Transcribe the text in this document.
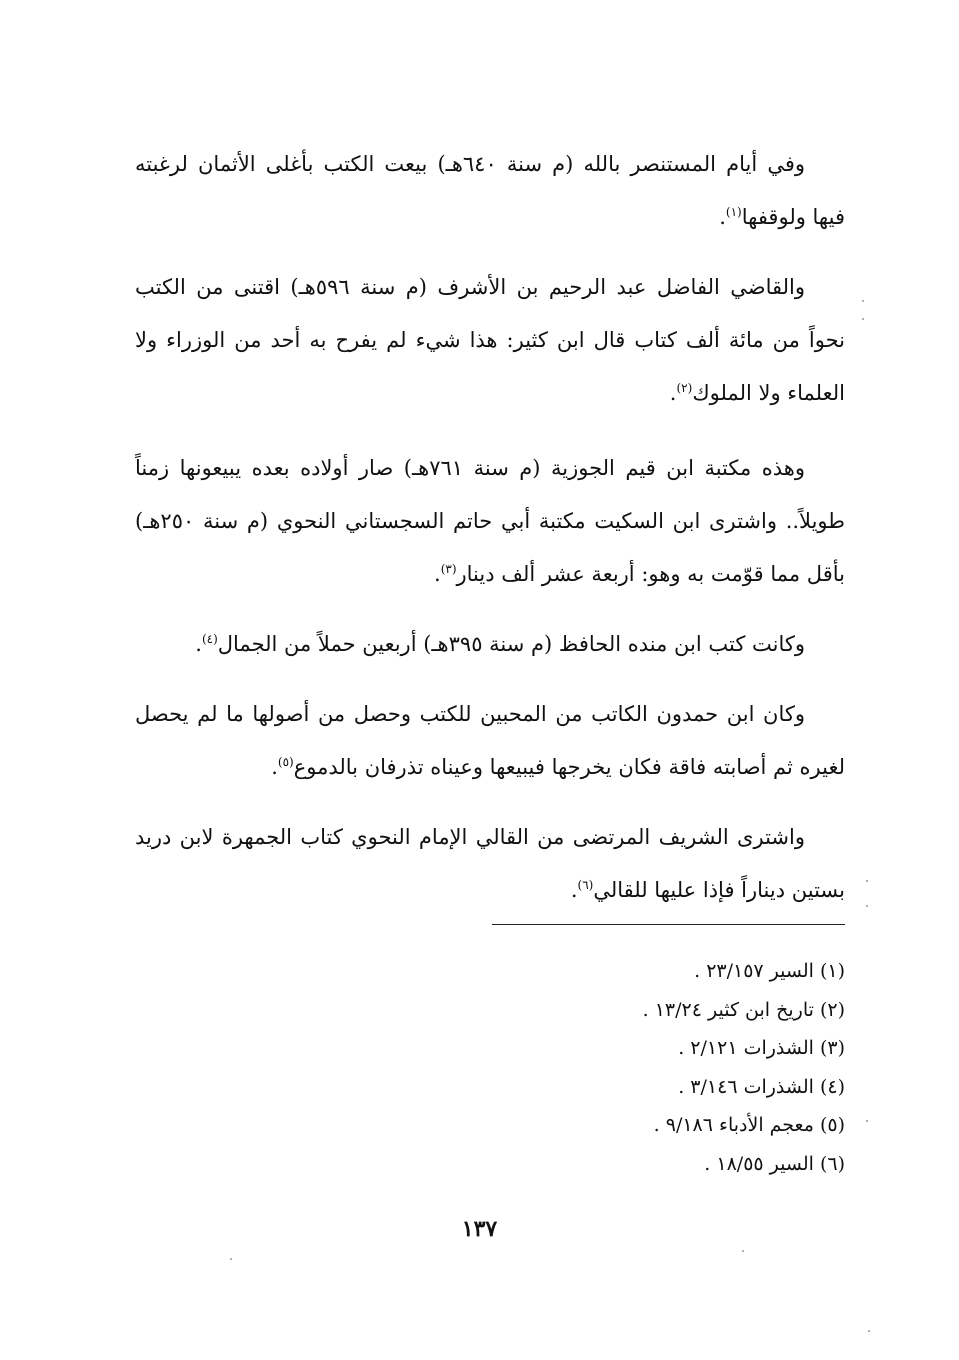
وفي أيام المستنصر بالله (م سنة ٦٤٠هـ) بيعت الكتب بأغلى الأثمان لرغبته فيها ولوقفها$^{(١)}$.

والقاضي الفاضل عبد الرحيم بن الأشرف (م سنة ٥٩٦هـ) اقتنى من الكتب نحواً من مائة ألف كتاب قال ابن كثير: هذا شيء لم يفرح به أحد من الوزراء ولا العلماء ولا الملوك$^{(٢)}$.

وهذه مكتبة ابن قيم الجوزية (م سنة ٧٦١هـ) صار أولاده بعده يبيعونها زمناً طويلاً.. واشترى ابن السكيت مكتبة أبي حاتم السجستاني النحوي (م سنة ٢٥٠هـ) بأقل مما قوّمت به وهو: أربعة عشر ألف دينار$^{(٣)}$.

وكانت كتب ابن منده الحافظ (م سنة ٣٩٥هـ) أربعين حملاً من الجمال$^{(٤)}$.

وكان ابن حمدون الكاتب من المحبين للكتب وحصل من أصولها ما لم يحصل لغيره ثم أصابته فاقة فكان يخرجها فيبيعها وعيناه تذرفان بالدموع$^{(٥)}$.

واشترى الشريف المرتضى من القالي الإمام النحوي كتاب الجمهرة لابن دريد بستين ديناراً فإذا عليها للقالي$^{(٦)}$.

(١) السير ٢٣/١٥٧ .
(٢) تاريخ ابن كثير ١٣/٢٤ .
(٣) الشذرات ٢/١٢١ .
(٤) الشذرات ٣/١٤٦ .
(٥) معجم الأدباء ٩/١٨٦ .
(٦) السير ١٨/٥٥ .
١٣٧
